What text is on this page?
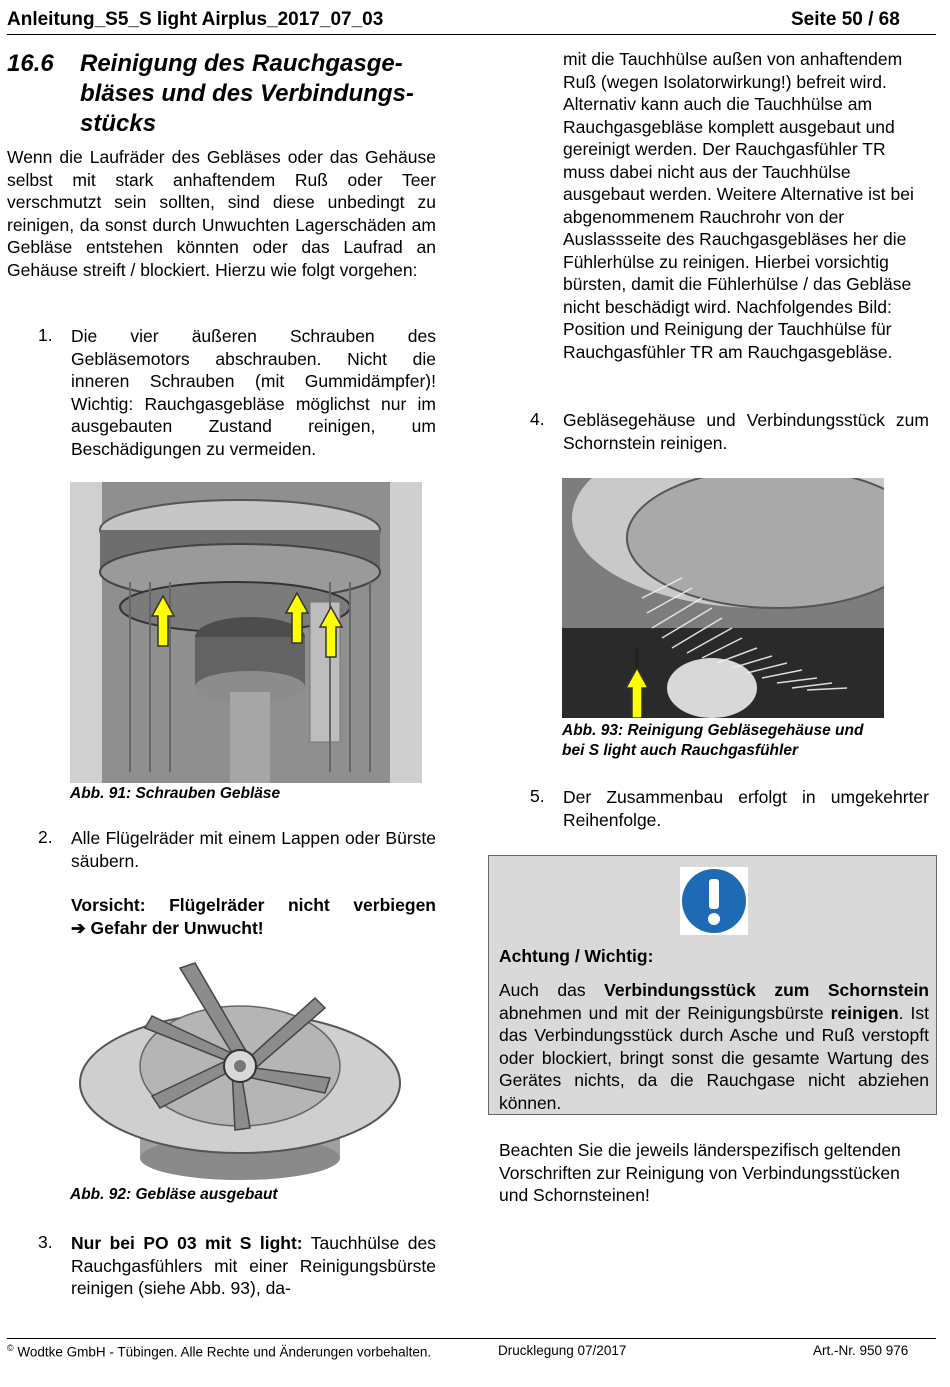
Anleitung_S5_S light Airplus_2017_07_03	Seite 50 / 68
16.6 Reinigung des Rauchgasge-
bläses und des Verbindungs-
stücks
Wenn die Laufräder des Gebläses oder das Gehäuse selbst mit stark anhaftendem Ruß oder Teer verschmutzt sein sollten, sind diese unbedingt zu reinigen, da sonst durch Unwuchten Lagerschäden am Gebläse entstehen könnten oder das Laufrad an Gehäuse streift / blockiert. Hierzu wie folgt vorgehen:
1. Die vier äußeren Schrauben des Gebläsemotors abschrauben. Nicht die inneren Schrauben (mit Gummidämpfer)! Wichtig: Rauchgasgebläse möglichst nur im ausgebauten Zustand reinigen, um Beschädigungen zu vermeiden.
Abb. 91: Schrauben Gebläse
2. Alle Flügelräder mit einem Lappen oder Bürste säubern.
Vorsicht: Flügelräder nicht verbiegen
➔ Gefahr der Unwucht!
Abb. 92: Gebläse ausgebaut
3. Nur bei PO 03 mit S light: Tauchhülse des Rauchgasfühlers mit einer Reinigungsbürste reinigen (siehe Abb. 93), da-
mit die Tauchhülse außen von anhaftendem Ruß (wegen Isolatorwirkung!) befreit wird. Alternativ kann auch die Tauchhülse am Rauchgasgebläse komplett ausgebaut und gereinigt werden. Der Rauchgasfühler TR muss dabei nicht aus der Tauchhülse ausgebaut werden. Weitere Alternative ist bei abgenommenem Rauchrohr von der Auslassseite des Rauchgasgebläses her die Fühlerhülse zu reinigen. Hierbei vorsichtig bürsten, damit die Fühlerhülse / das Gebläse nicht beschädigt wird. Nachfolgendes Bild: Position und Reinigung der Tauchhülse für Rauchgasfühler TR am Rauchgasgebläse.
4. Gebläsegehäuse und Verbindungsstück zum Schornstein reinigen.
Abb. 93: Reinigung Gebläsegehäuse und
bei S light auch Rauchgasfühler
5. Der Zusammenbau erfolgt in umgekehrter Reihenfolge.
Achtung / Wichtig:
Auch das Verbindungsstück zum Schornstein abnehmen und mit der Reinigungsbürste reinigen. Ist das Verbindungsstück durch Asche und Ruß verstopft oder blockiert, bringt sonst die gesamte Wartung des Gerätes nichts, da die Rauchgase nicht abziehen können.
Beachten Sie die jeweils länderspezifisch geltenden Vorschriften zur Reinigung von Verbindungsstücken und Schornsteinen!
© Wodtke GmbH - Tübingen. Alle Rechte und Änderungen vorbehalten.	Drucklegung 07/2017	Art.-Nr. 950 976
